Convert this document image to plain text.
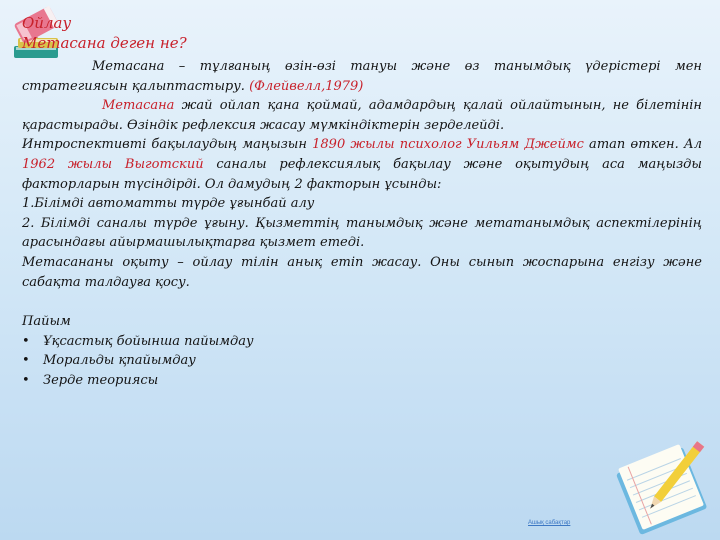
Ойлау

Метасана деген не?

Метасана – тұлғаның өзін-өзі тануы және өз танымдық үдерістері мен стратегиясын қалыптастыру. (Флейвелл,1979)

Метасана жай ойлап қана қоймай, адамдардың қалай ойлайтынын, не білетінін қарастырады. Өзіндік рефлексия жасау мүмкіндіктерін зерделейді.

Интроспективті бақылаудың маңызын 1890 жылы психолог Уильям Джеймс атап өткен. Ал 1962 жылы Выготский саналы рефлексиялық бақылау және оқытудың аса маңызды факторларын түсіндірді. Ол дамудың 2 факторын ұсынды:

1.Білімді автоматты түрде ұғынбай алу

2. Білімді саналы түрде ұғыну. Қызметтің танымдық және метатанымдық аспектілерінің арасындағы айырмашылықтарға қызмет етеді.

Метасананы оқыту – ойлау тілін анық етіп жасау. Оны сынып жоспарына енгізу және сабақта талдауға қосу.

Пайым

• Ұқсастық бойынша пайымдау
• Моральды қпайымдау
• Зерде теориясы
Ашық сабақтар
